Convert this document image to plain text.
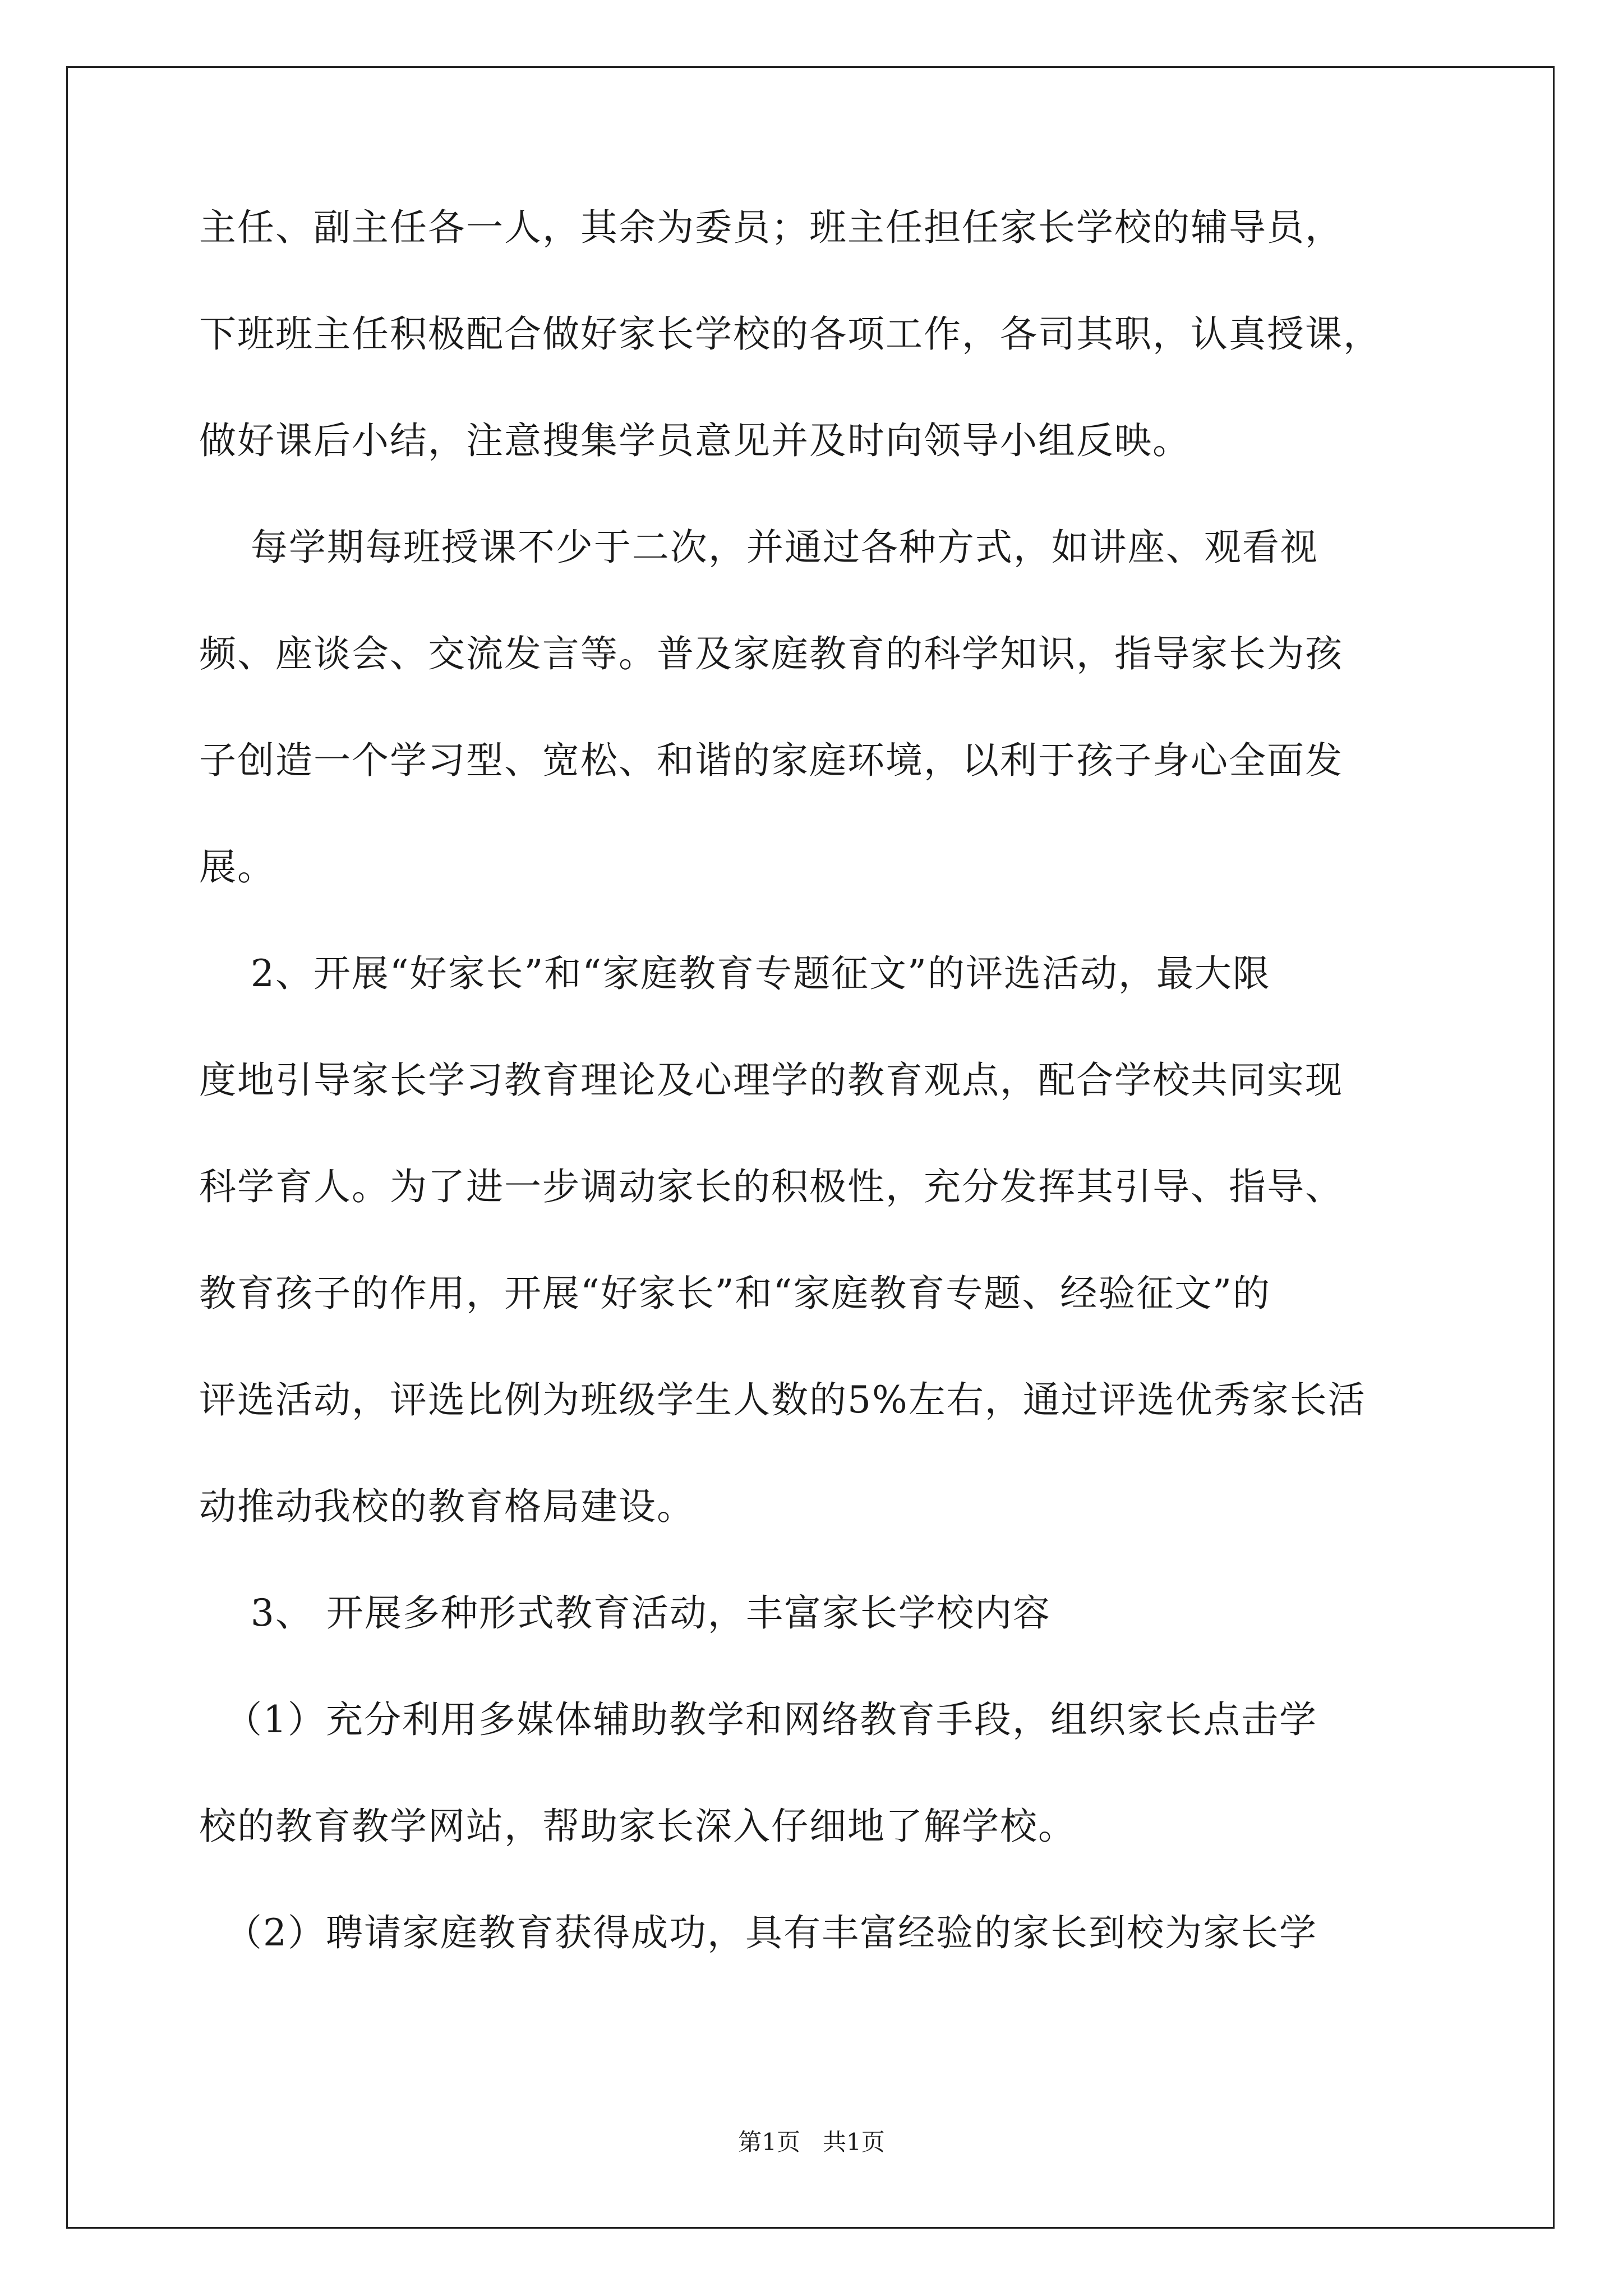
主任、副主任各一人，其余为委员；班主任担任家长学校的辅导员，
下班班主任积极配合做好家长学校的各项工作，各司其职，认真授课，
做好课后小结，注意搜集学员意见并及时向领导小组反映。
每学期每班授课不少于二次，并通过各种方式，如讲座、观看视
频、座谈会、交流发言等。普及家庭教育的科学知识，指导家长为孩
子创造一个学习型、宽松、和谐的家庭环境，以利于孩子身心全面发
展。
2、开展“好家长”和“家庭教育专题征文”的评选活动，最大限
度地引导家长学习教育理论及心理学的教育观点，配合学校共同实现
科学育人。为了进一步调动家长的积极性，充分发挥其引导、指导、
教育孩子的作用，开展“好家长”和“家庭教育专题、经验征文”的
评选活动，评选比例为班级学生人数的5%左右，通过评选优秀家长活
动推动我校的教育格局建设。
3、 开展多种形式教育活动，丰富家长学校内容
（1）充分利用多媒体辅助教学和网络教育手段，组织家长点击学
校的教育教学网站，帮助家长深入仔细地了解学校。
（2）聘请家庭教育获得成功，具有丰富经验的家长到校为家长学
第1页   共1页
